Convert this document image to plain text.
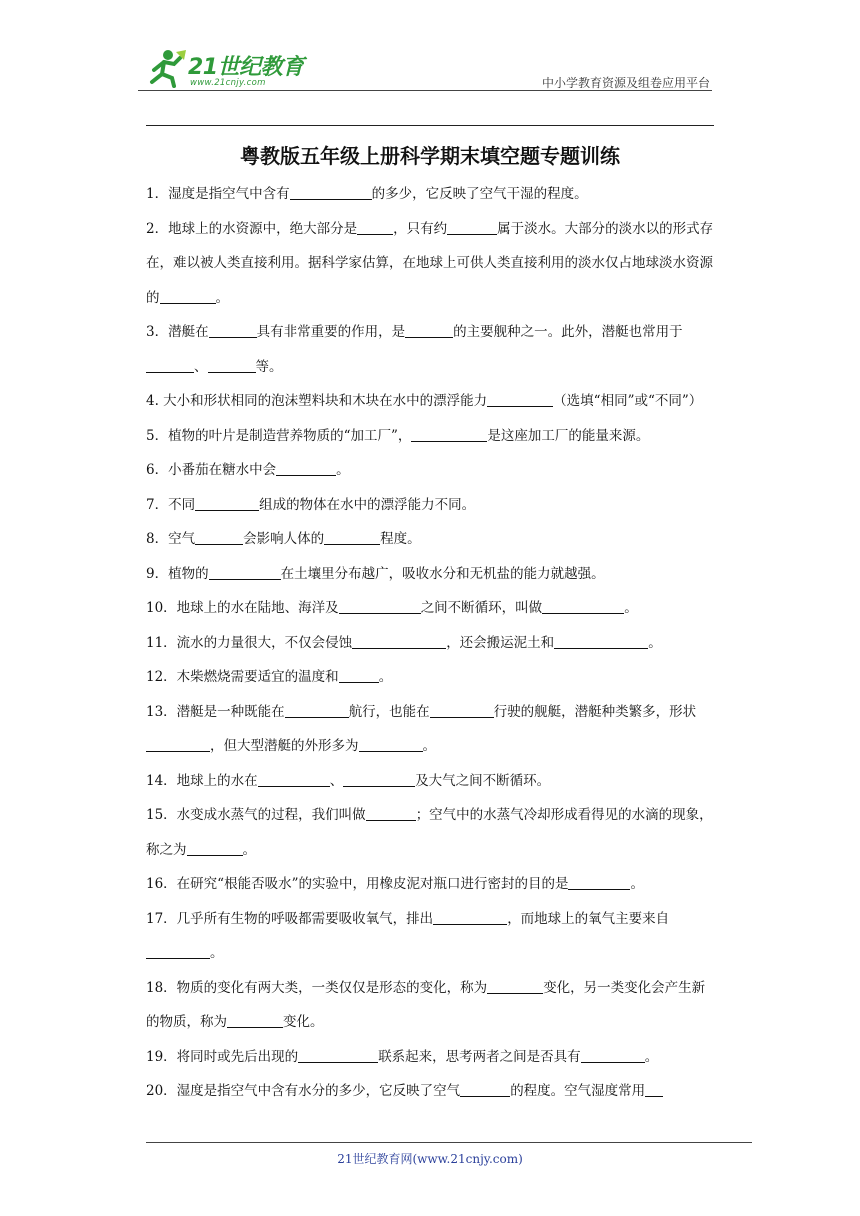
21世纪教育
www.21cnjy.com	中小学教育资源及组卷应用平台
粤教版五年级上册科学期末填空题专题训练

1．湿度是指空气中含有	的多少，它反映了空气干湿的程度。

2．地球上的水资源中，绝大部分是	，只有约	属于淡水。大部分的淡水以的形式存在，难以被人类直接利用。据科学家估算，在地球上可供人类直接利用的淡水仅占地球淡水资源的	。

3．潜艇在	具有非常重要的作用，是	的主要舰种之一。此外，潜艇也常用于、	等。

4. 大小和形状相同的泡沫塑料块和木块在水中的漂浮能力	（选填“相同”或“不同”）

5．植物的叶片是制造营养物质的“加工厂”，	是这座加工厂的能量来源。

6．小番茄在糖水中会	。

7．不同	组成的物体在水中的漂浮能力不同。

8．空气	会影响人体的	程度。

9．植物的	在土壤里分布越广，吸收水分和无机盐的能力就越强。

10．地球上的水在陆地、海洋及	之间不断循环，叫做	。

11．流水的力量很大，不仅会侵蚀	，还会搬运泥土和	。

12．木柴燃烧需要适宜的温度和	。

13．潜艇是一种既能在	航行，也能在	行驶的舰艇，潜艇种类繁多，形状，但大型潜艇的外形多为	。

14．地球上的水在	、	及大气之间不断循环。

15．水变成水蒸气的过程，我们叫做	；空气中的水蒸气冷却形成看得见的水滴的现象，称之为	。

16．在研究“根能否吸水”的实验中，用橡皮泥对瓶口进行密封的目的是	。

17．几乎所有生物的呼吸都需要吸收氧气，排出	，而地球上的氧气主要来自。

18．物质的变化有两大类，一类仅仅是形态的变化，称为	变化，另一类变化会产生新的物质，称为	变化。

19．将同时或先后出现的	联系起来，思考两者之间是否具有	。

20．湿度是指空气中含有水分的多少，它反映了空气	的程度。空气湿度常用

21世纪教育网(www.21cnjy.com)
